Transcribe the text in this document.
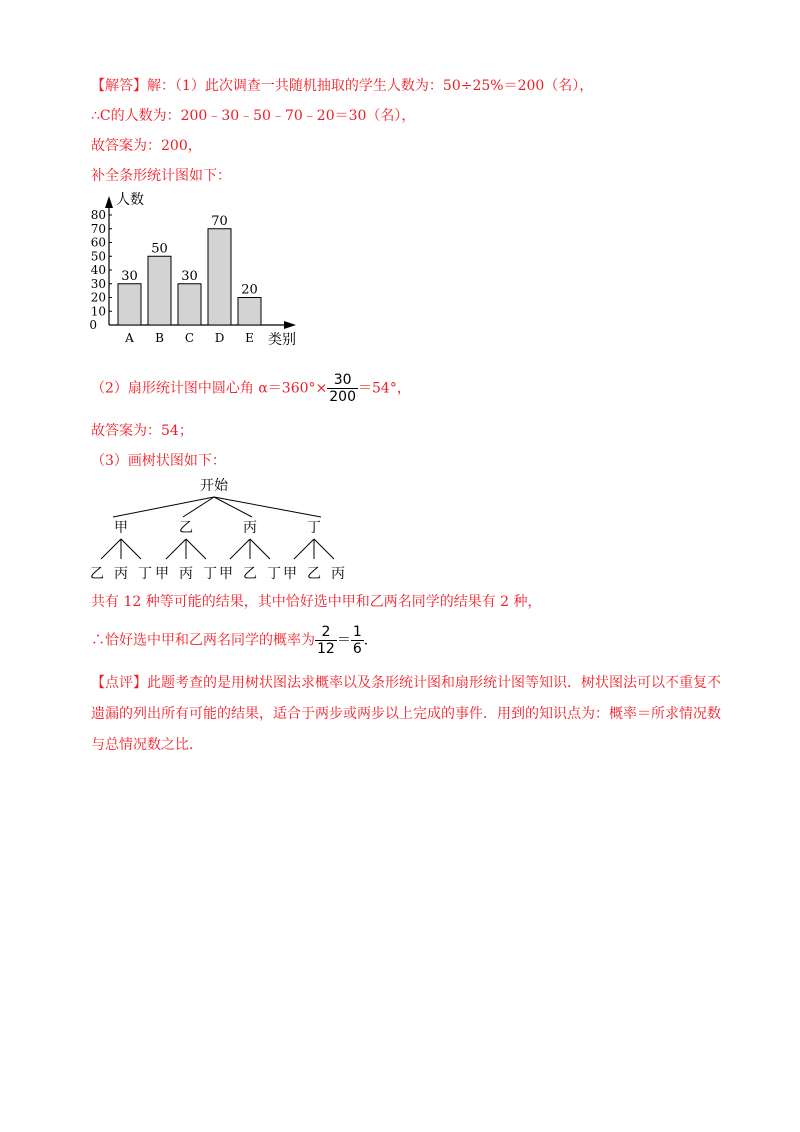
【解答】解：（1）此次调查一共随机抽取的学生人数为：50÷25%＝200（名），
∴C的人数为：200﹣30﹣50﹣70﹣20＝30（名），
故答案为：200，
补全条形统计图如下：
人数
类别
0
10
20
30
40
50
60
70
80
30
A
50
B
30
C
70
D
20
E
（2）扇形统计图中圆心角 $\alpha=360^\circ\times \frac{30}{200} =54^\circ$，
故答案为：54；
（3）画树状图如下：
开始
甲
乙 丙 丁
乙
甲 丙 丁
丙
甲 乙 丁
丁
甲 乙 丙
共有 12 种等可能的结果，其中恰好选中甲和乙两名同学的结果有 2 种，
∴恰好选中甲和乙两名同学的概率为 $\frac{2}{12} = \frac{1}{6}$ .
【点评】此题考查的是用树状图法求概率以及条形统计图和扇形统计图等知识．树状图法可以不重复不
遗漏的列出所有可能的结果，适合于两步或两步以上完成的事件．用到的知识点为：概率＝所求情况数
与总情况数之比．
